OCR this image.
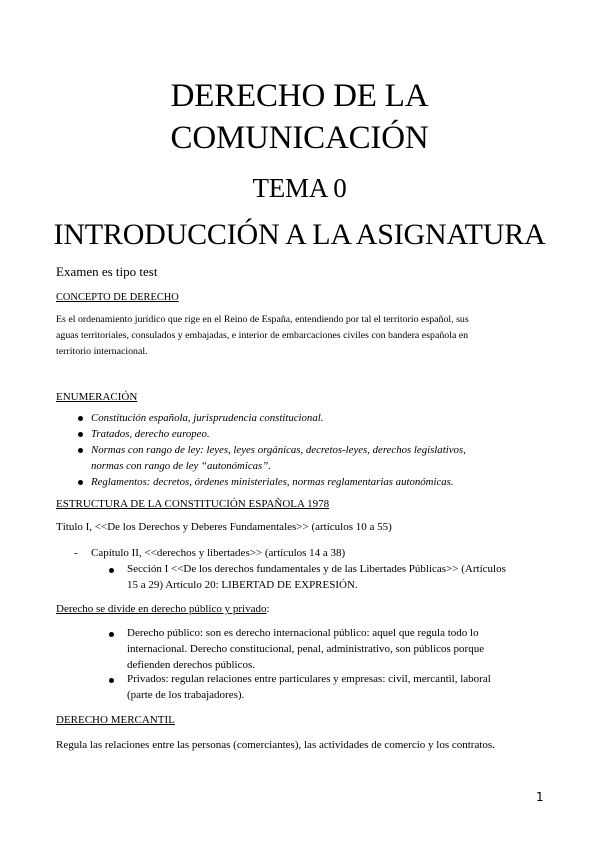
DERECHO DE LA
COMUNICACIÓN
TEMA 0
INTRODUCCIÓN A LA ASIGNATURA
Examen es tipo test
CONCEPTO DE DERECHO
Es el ordenamiento jurídico que rige en el Reino de España, entendiendo por tal el territorio español, sus
aguas territoriales, consulados y embajadas, e interior de embarcaciones civiles con bandera española en
territorio internacional.
ENUMERACIÓN
Constitución española, jurisprudencia constitucional.
Tratados, derecho europeo.
Normas con rango de ley: leyes, leyes orgánicas, decretos-leyes, derechos legislativos,
normas con rango de ley “autonómicas”.
Reglamentos: decretos, órdenes ministeriales, normas reglamentarias autonómicas.
ESTRUCTURA DE LA CONSTITUCIÓN ESPAÑOLA 1978
Título I, <<De los Derechos y Deberes Fundamentales>> (artículos 10 a 55)
- Capítulo II, <<derechos y libertades>> (artículos 14 a 38)
Sección I <<De los derechos fundamentales y de las Libertades Públicas>> (Artículos
15 a 29) Artículo 20: LIBERTAD DE EXPRESIÓN.
Derecho se divide en derecho público y privado:
Derecho público: son es derecho internacional público: aquel que regula todo lo
internacional. Derecho constitucional, penal, administrativo, son públicos porque
defienden derechos públicos.
Privados: regulan relaciones entre particulares y empresas: civil, mercantil, laboral
(parte de los trabajadores).
DERECHO MERCANTIL
Regula las relaciones entre las personas (comerciantes), las actividades de comercio y los contratos.
1
